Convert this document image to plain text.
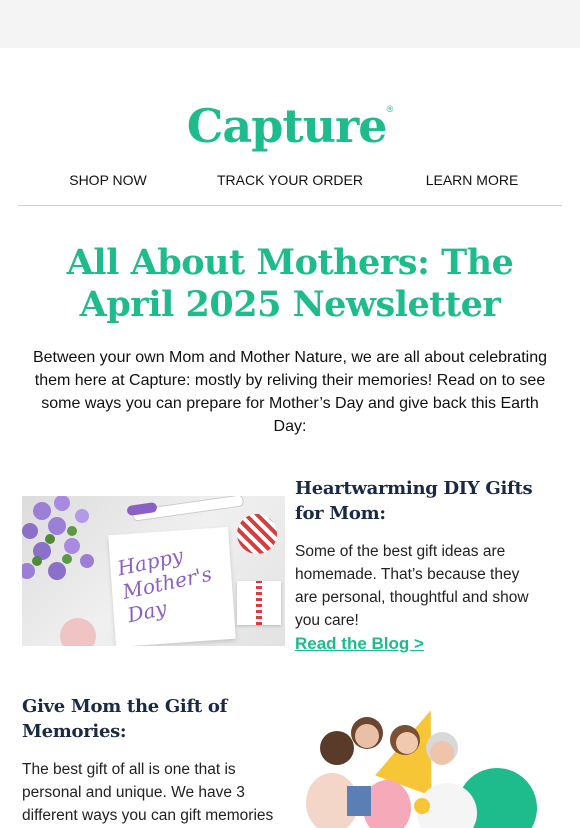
Capture ®
SHOP NOW	TRACK YOUR ORDER	LEARN MORE
All About Mothers: The April 2025 Newsletter
Between your own Mom and Mother Nature, we are all about celebrating them here at Capture: mostly by reliving their memories! Read on to see some ways you can prepare for Mother’s Day and give back this Earth Day:
Happy Mother's Day
Heartwarming DIY Gifts for Mom:

Some of the best gift ideas are homemade. That’s because they are personal, thoughtful and show you care!

Read the Blog >
Give Mom the Gift of Memories:

The best gift of all is one that is personal and unique. We have 3 different ways you can gift memories
